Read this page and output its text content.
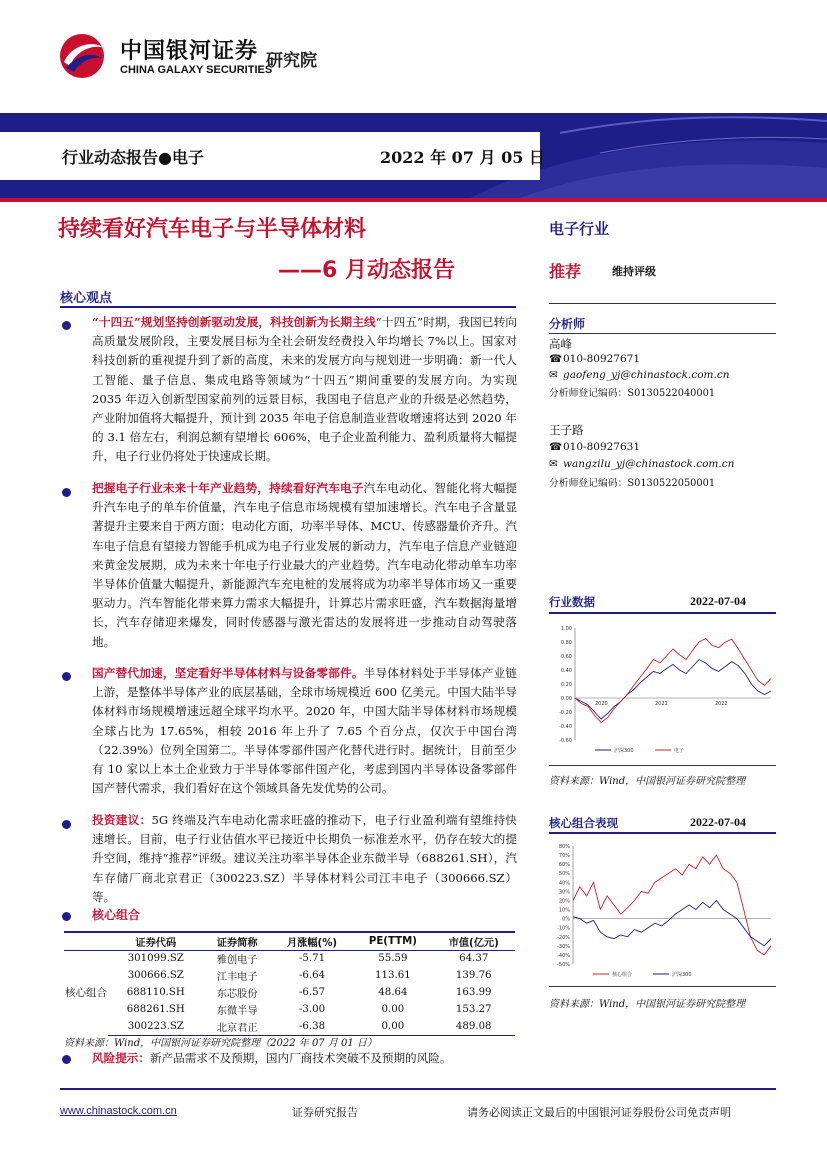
中国银河证券
CHINA GALAXY SECURITIES
研究院
行业动态报告●电子	2022 年 07 月 05 日
持续看好汽车电子与半导体材料
——6 月动态报告
核心观点
“十四五”规划坚持创新驱动发展，科技创新为长期主线“十四五”时期，我国已转向高质量发展阶段，主要发展目标为全社会研发经费投入年均增长 7%以上。国家对科技创新的重视提升到了新的高度，未来的发展方向与规划进一步明确：新一代人工智能、量子信息、集成电路等领域为“十四五”期间重要的发展方向。为实现 2035 年迈入创新型国家前列的远景目标，我国电子信息产业的升级是必然趋势，产业附加值将大幅提升，预计到 2035 年电子信息制造业营收增速将达到 2020 年的 3.1 倍左右，利润总额有望增长 606%，电子企业盈利能力、盈利质量将大幅提升，电子行业仍将处于快速成长期。
把握电子行业未来十年产业趋势，持续看好汽车电子汽车电动化、智能化将大幅提升汽车电子的单车价值量，汽车电子信息市场规模有望加速增长。汽车电子含量显著提升主要来自于两方面：电动化方面，功率半导体、MCU、传感器量价齐升。汽车电子信息有望接力智能手机成为电子行业发展的新动力，汽车电子信息产业链迎来黄金发展期，成为未来十年电子行业最大的产业趋势。汽车电动化带动单车功率半导体价值量大幅提升，新能源汽车充电桩的发展将成为功率半导体市场又一重要驱动力。汽车智能化带来算力需求大幅提升，计算芯片需求旺盛，汽车数据海量增长，汽车存储迎来爆发，同时传感器与激光雷达的发展将进一步推动自动驾驶落地。
国产替代加速，坚定看好半导体材料与设备零部件。半导体材料处于半导体产业链上游，是整体半导体产业的底层基础，全球市场规模近 600 亿美元。中国大陆半导体材料市场规模增速远超全球平均水平。2020 年，中国大陆半导体材料市场规模全球占比为 17.65%，相较 2016 年上升了 7.65 个百分点，仅次于中国台湾（22.39%）位列全国第二。半导体零部件国产化替代进行时。据统计，目前至少有 10 家以上本土企业致力于半导体零部件国产化，考虑到国内半导体设备零部件国产替代需求，我们看好在这个领域具备先发优势的公司。
投资建议：5G 终端及汽车电动化需求旺盛的推动下，电子行业盈利端有望维持快速增长。目前，电子行业估值水平已接近中长期负一标准差水平，仍存在较大的提升空间，维持“推荐”评级。建议关注功率半导体企业东微半导（688261.SH），汽车存储厂商北京君正（300223.SZ）半导体材料公司江丰电子（300666.SZ）等。
核心组合
	证券代码	证券简称	月涨幅(%)	PE(TTM)	市值(亿元)
核心组合	301099.SZ	雅创电子	-5.71	55.59	64.37
	300666.SZ	江丰电子	-6.64	113.61	139.76
	688110.SH	东芯股份	-6.57	48.64	163.99
	688261.SH	东微半导	-3.00	0.00	153.27
	300223.SZ	北京君正	-6.38	0.00	489.08
资料来源：Wind，中国银河证券研究院整理（2022 年 07 月 01 日）
风险提示：新产品需求不及预期，国内厂商技术突破不及预期的风险。
电子行业
推荐	维持评级
分析师
高峰
☎010-80927671
✉ gaofeng_yj@chinastock.com.cn
分析师登记编码：S0130522040001
王子路
☎010-80927631
✉ wangzilu_yj@chinastock.com.cn
分析师登记编码：S0130522050001
行业数据	2022-07-04
1.00
0.80
0.60
0.40
0.20
0.00
-0.20
-0.40
-0.60
2020	2021	2022
沪深300	电子
资料来源：Wind，中国银河证券研究院整理
核心组合表现	2022-07-04
80%
70%
60%
50%
40%
30%
20%
10%
0%
-10%
-20%
-30%
-40%
-50%
核心组合	沪深300
资料来源：Wind，中国银河证券研究院整理
www.chinastock.com.cn	证券研究报告	请务必阅读正文最后的中国银河证券股份公司免责声明
